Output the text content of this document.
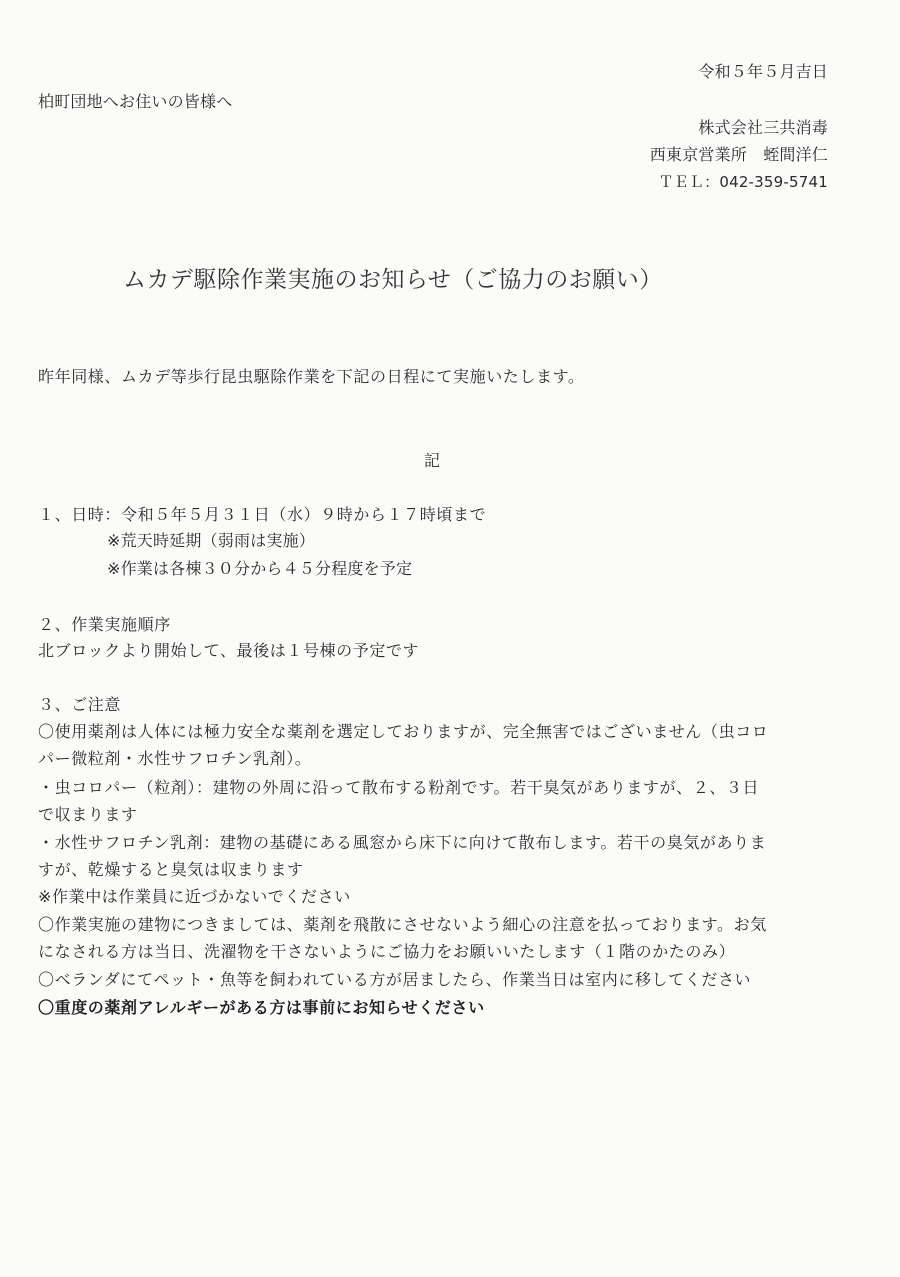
令和５年５月吉日
柏町団地へお住いの皆様へ
株式会社三共消毒
西東京営業所　蛭間洋仁
ＴＥＬ：042-359-5741
ムカデ駆除作業実施のお知らせ（ご協力のお願い）
昨年同様、ムカデ等歩行昆虫駆除作業を下記の日程にて実施いたします。
記
１、日時：令和５年５月３１日（水）９時から１７時頃まで
※荒天時延期（弱雨は実施）
※作業は各棟３０分から４５分程度を予定
２、作業実施順序
北ブロックより開始して、最後は１号棟の予定です
３、ご注意
〇使用薬剤は人体には極力安全な薬剤を選定しておりますが、完全無害ではございません（虫コロ
パー微粒剤・水性サフロチン乳剤）。
・虫コロパー（粒剤）：建物の外周に沿って散布する粉剤です。若干臭気がありますが、２、３日
で収まります
・水性サフロチン乳剤：建物の基礎にある風窓から床下に向けて散布します。若干の臭気がありま
すが、乾燥すると臭気は収まります
※作業中は作業員に近づかないでください
〇作業実施の建物につきましては、薬剤を飛散にさせないよう細心の注意を払っております。お気
になされる方は当日、洗濯物を干さないようにご協力をお願いいたします（１階のかたのみ）
〇ベランダにてペット・魚等を飼われている方が居ましたら、作業当日は室内に移してください
〇重度の薬剤アレルギーがある方は事前にお知らせください
